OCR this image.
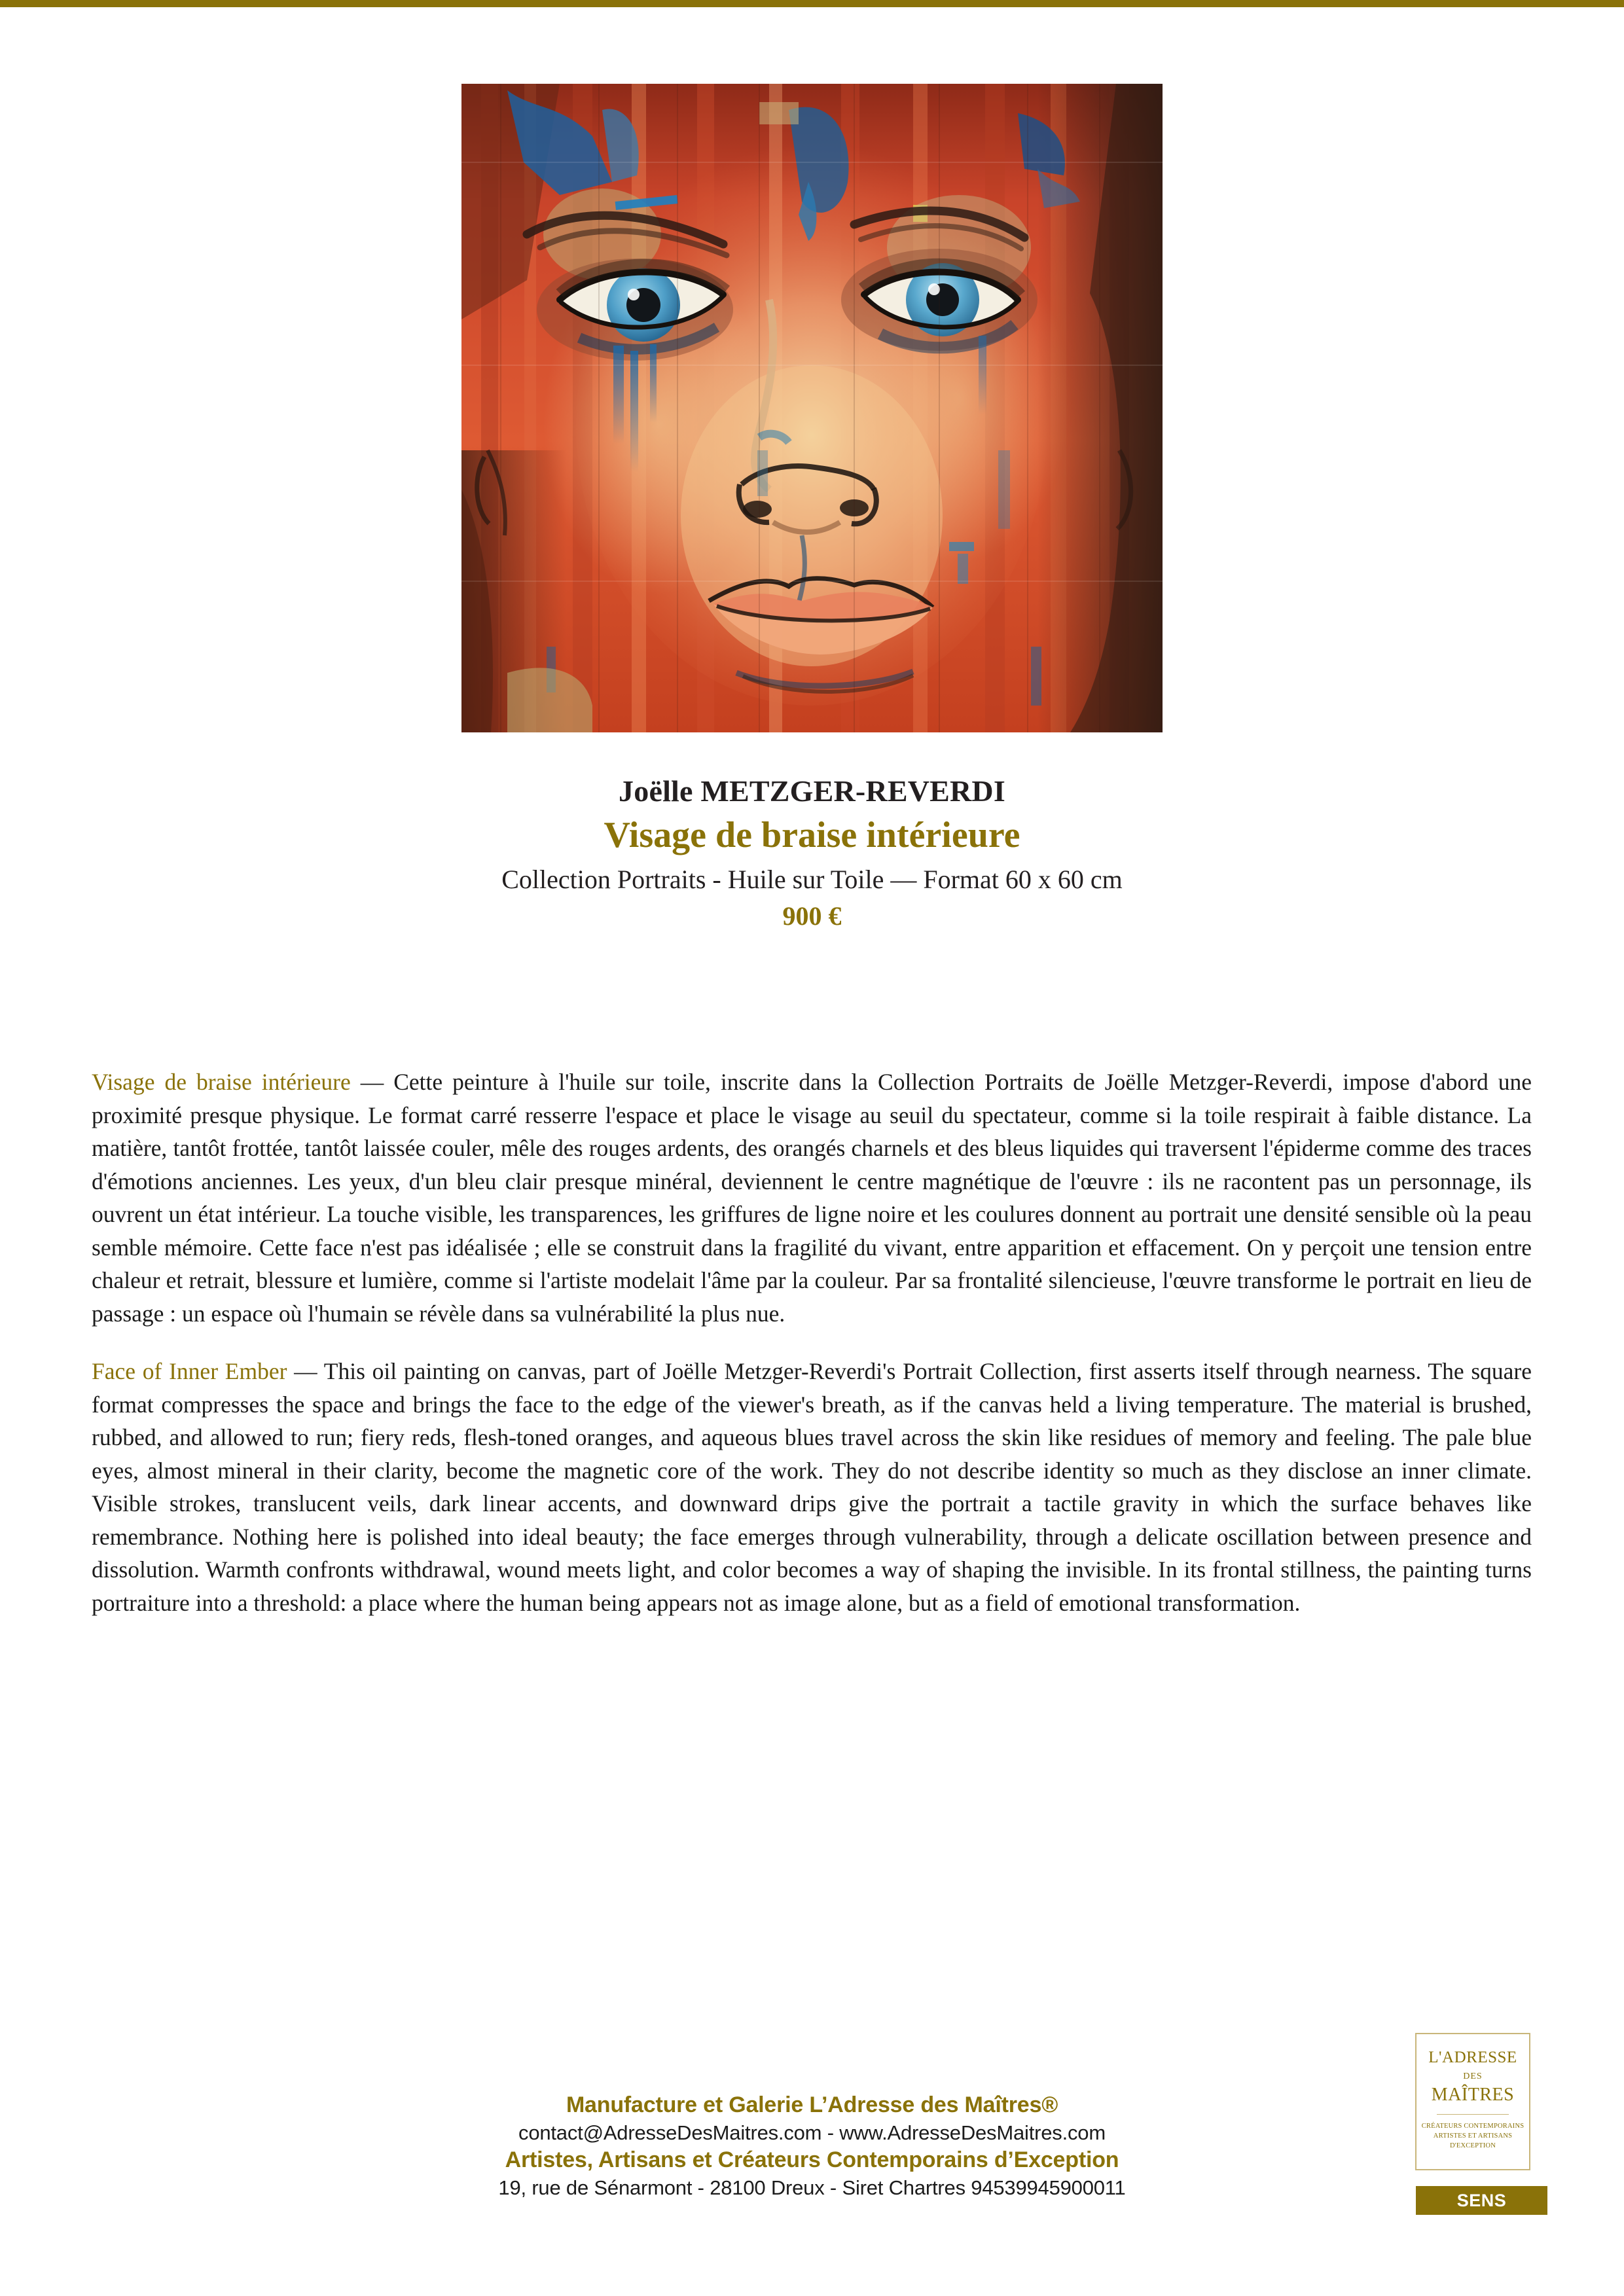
Joëlle METZGER-REVERDI
Visage de braise intérieure
Collection Portraits - Huile sur Toile — Format 60 x 60 cm
900 €

Visage de braise intérieure — Cette peinture à l'huile sur toile, inscrite dans la Collection Portraits de Joëlle Metzger-Reverdi, impose d'abord une proximité presque physique. Le format carré resserre l'espace et place le visage au seuil du spectateur, comme si la toile respirait à faible distance. La matière, tantôt frottée, tantôt laissée couler, mêle des rouges ardents, des orangés charnels et des bleus liquides qui traversent l'épiderme comme des traces d'émotions anciennes. Les yeux, d'un bleu clair presque minéral, deviennent le centre magnétique de l'œuvre : ils ne racontent pas un personnage, ils ouvrent un état intérieur. La touche visible, les transparences, les griffures de ligne noire et les coulures donnent au portrait une densité sensible où la peau semble mémoire. Cette face n'est pas idéalisée ; elle se construit dans la fragilité du vivant, entre apparition et effacement. On y perçoit une tension entre chaleur et retrait, blessure et lumière, comme si l'artiste modelait l'âme par la couleur. Par sa frontalité silencieuse, l'œuvre transforme le portrait en lieu de passage : un espace où l'humain se révèle dans sa vulnérabilité la plus nue.

Face of Inner Ember — This oil painting on canvas, part of Joëlle Metzger-Reverdi's Portrait Collection, first asserts itself through nearness. The square format compresses the space and brings the face to the edge of the viewer's breath, as if the canvas held a living temperature. The material is brushed, rubbed, and allowed to run; fiery reds, flesh-toned oranges, and aqueous blues travel across the skin like residues of memory and feeling. The pale blue eyes, almost mineral in their clarity, become the magnetic core of the work. They do not describe identity so much as they disclose an inner climate. Visible strokes, translucent veils, dark linear accents, and downward drips give the portrait a tactile gravity in which the surface behaves like remembrance. Nothing here is polished into ideal beauty; the face emerges through vulnerability, through a delicate oscillation between presence and dissolution. Warmth confronts withdrawal, wound meets light, and color becomes a way of shaping the invisible. In its frontal stillness, the painting turns portraiture into a threshold: a place where the human being appears not as image alone, but as a field of emotional transformation.

Manufacture et Galerie L’Adresse des Maîtres®
contact@AdresseDesMaitres.com - www.AdresseDesMaitres.com
Artistes, Artisans et Créateurs Contemporains d’Exception
19, rue de Sénarmont - 28100 Dreux - Siret Chartres 94539945900011
L'ADRESSE
DES
MAÎTRES
CRÉATEURS CONTEMPORAINS
ARTISTES ET ARTISANS
D'EXCEPTION
SENS
